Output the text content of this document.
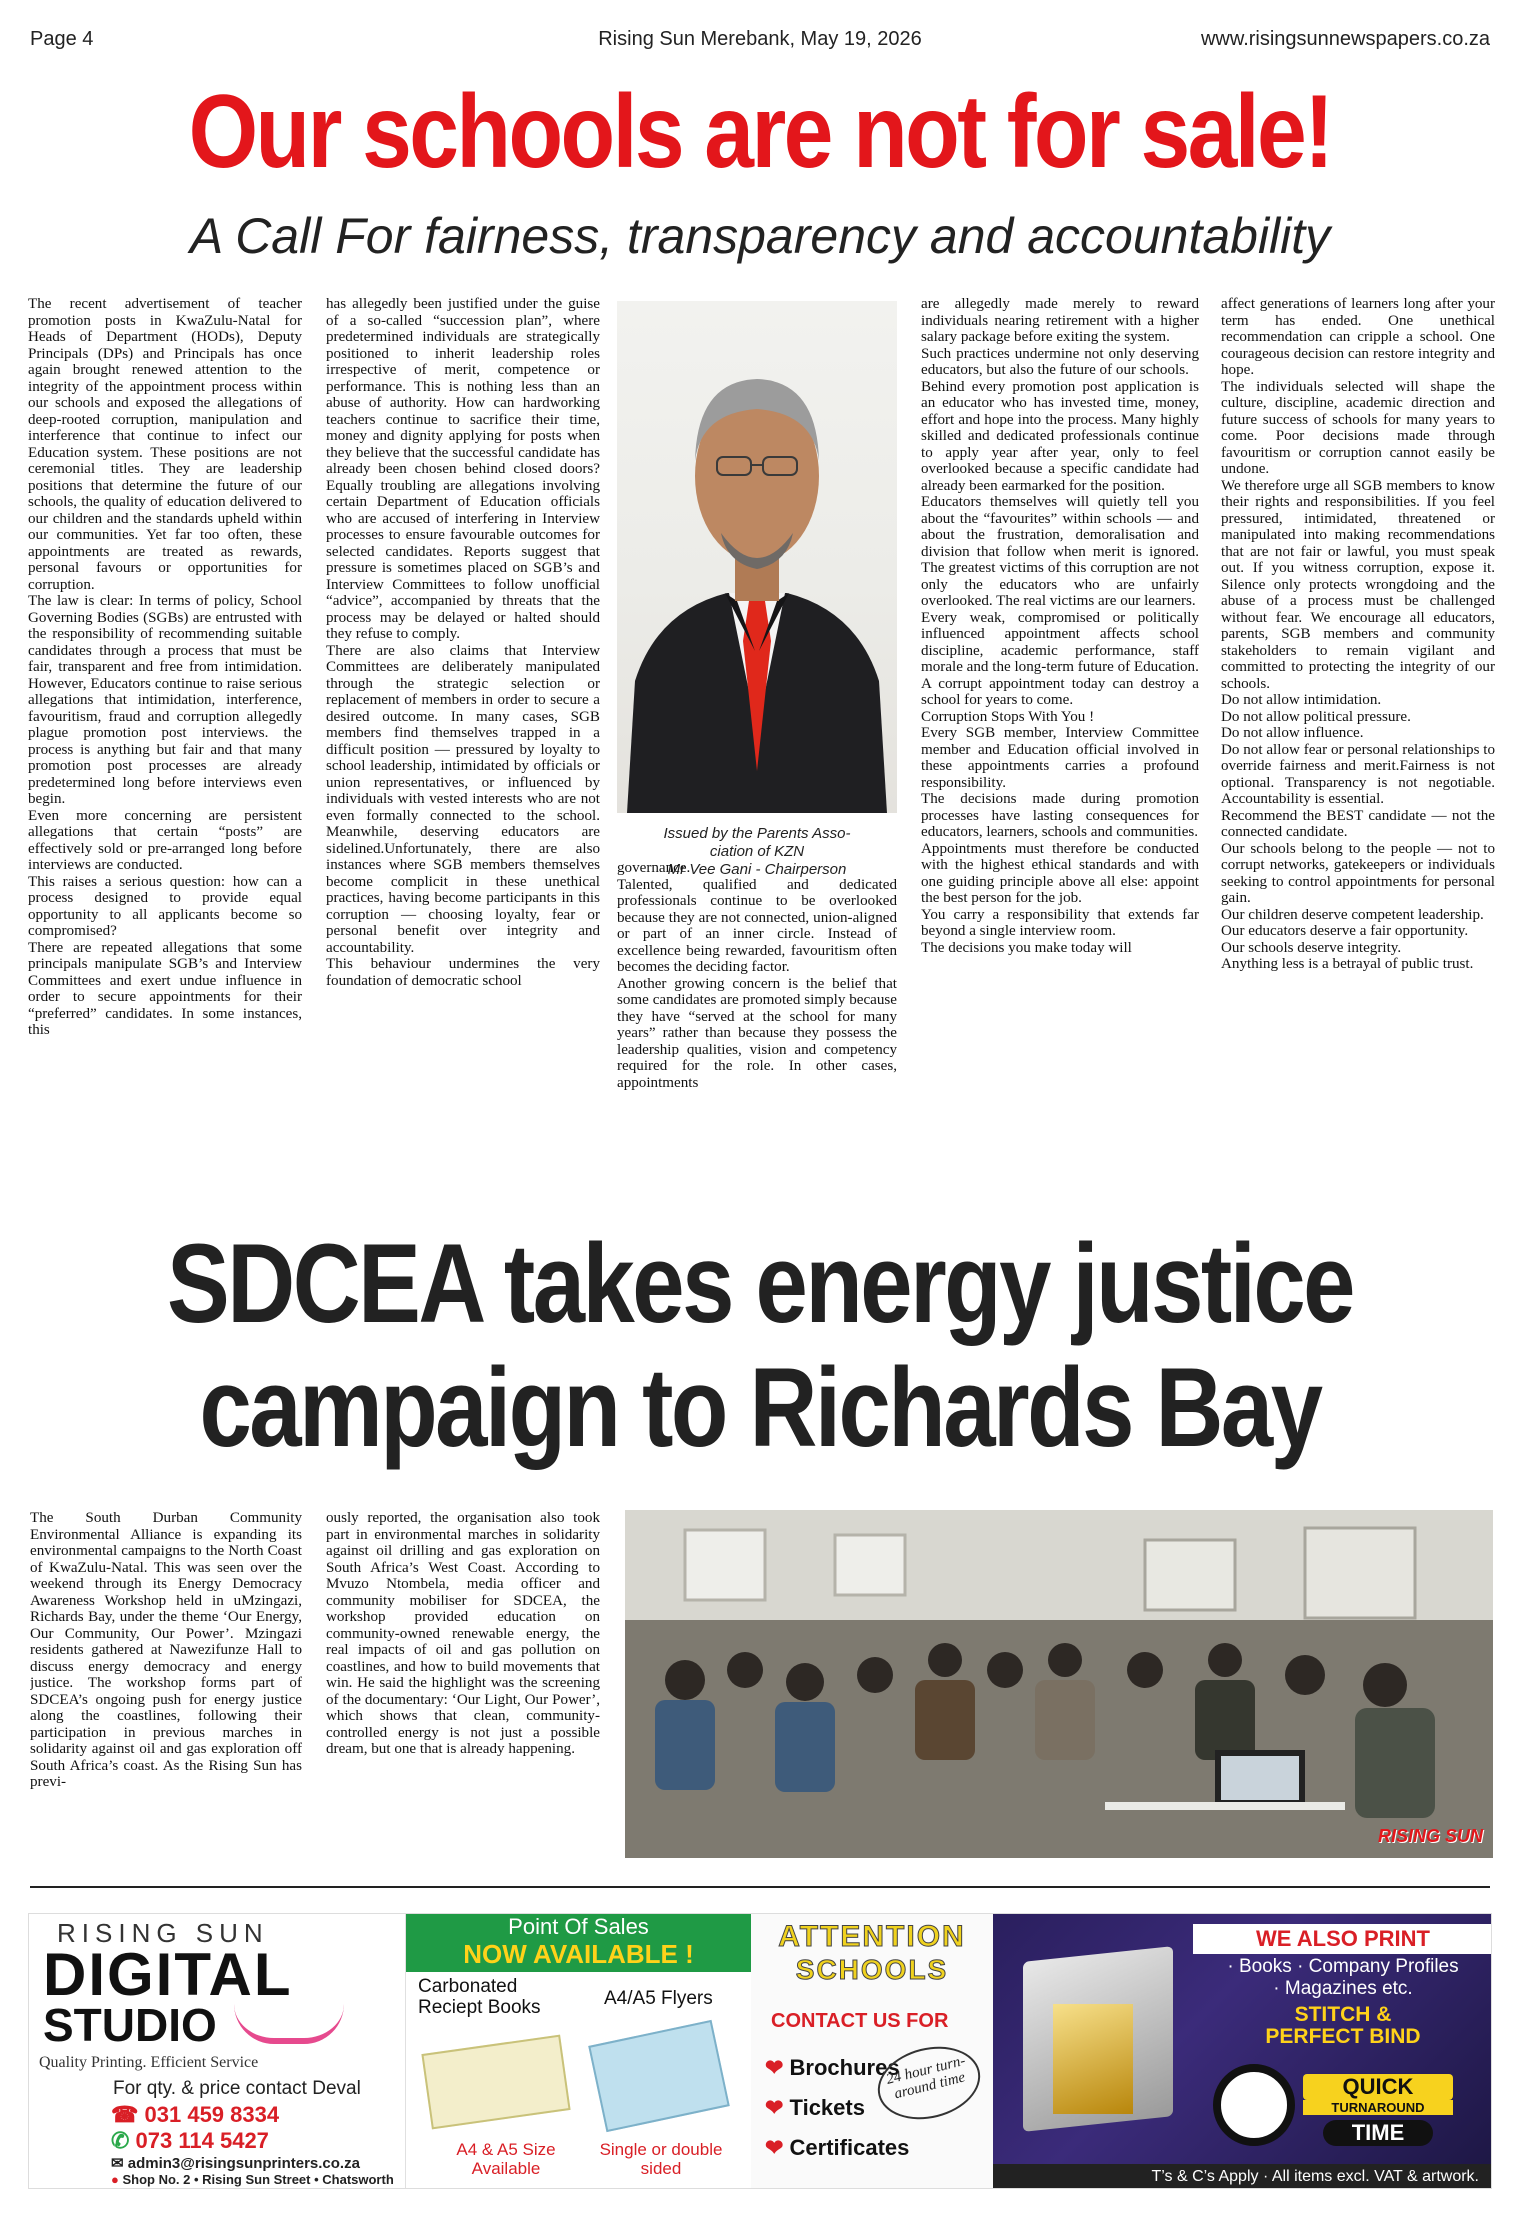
Page 4	Rising Sun Merebank, May 19, 2026	www.risingsunnewspapers.co.za
Our schools are not for sale!
A Call For fairness, transparency and accountability

The recent advertisement of teacher promotion posts in KwaZulu-Natal for Heads of Department (HODs), Deputy Principals (DPs) and Principals has once again brought renewed attention to the integrity of the appointment process within our schools and exposed the allegations of deep-rooted corruption, manipulation and interference that continue to infect our Education system. These positions are not ceremonial titles. They are leadership positions that determine the future of our schools, the quality of education delivered to our children and the standards upheld within our communities. Yet far too often, these appointments are treated as rewards, personal favours or opportunities for corruption.

The law is clear: In terms of policy, School Governing Bodies (SGBs) are entrusted with the responsibility of recommending suitable candidates through a process that must be fair, transparent and free from intimidation. However, Educators continue to raise serious allegations that intimidation, interference, favouritism, fraud and corruption allegedly plague promotion post interviews. the process is anything but fair and that many promotion post processes are already predetermined long before interviews even begin.

Even more concerning are persistent allegations that certain “posts” are effectively sold or pre-arranged long before interviews are conducted.

This raises a serious question: how can a process designed to provide equal opportunity to all applicants become so compromised?

There are repeated allegations that some principals manipulate SGB’s and Interview Committees and exert undue influence in order to secure appointments for their “preferred” candidates. In some instances, this

has allegedly been justified under the guise of a so-called “succession plan”, where predetermined individuals are strategically positioned to inherit leadership roles irrespective of merit, competence or performance. This is nothing less than an abuse of authority. How can hardworking teachers continue to sacrifice their time, money and dignity applying for posts when they believe that the successful candidate has already been chosen behind closed doors? Equally troubling are allegations involving certain Department of Education officials who are accused of interfering in Interview processes to ensure favourable outcomes for selected candidates. Reports suggest that pressure is sometimes placed on SGB’s and Interview Committees to follow unofficial “advice”, accompanied by threats that the process may be delayed or halted should they refuse to comply.

There are also claims that Interview Committees are deliberately manipulated through the strategic selection or replacement of members in order to secure a desired outcome. In many cases, SGB members find themselves trapped in a difficult position — pressured by loyalty to school leadership, intimidated by officials or union representatives, or influenced by individuals with vested interests who are not even formally connected to the school. Meanwhile, deserving educators are sidelined.Unfortunately, there are also instances where SGB members themselves become complicit in these unethical practices, having become participants in this corruption — choosing loyalty, fear or personal benefit over integrity and accountability.

This behaviour undermines the very foundation of democratic school

Issued by the Parents Asso-
ciation of KZN
Mr Vee Gani - Chairperson

governance.

Talented, qualified and dedicated professionals continue to be overlooked because they are not connected, union-aligned or part of an inner circle. Instead of excellence being rewarded, favouritism often becomes the deciding factor.

Another growing concern is the belief that some candidates are promoted simply because they have “served at the school for many years” rather than because they possess the leadership qualities, vision and competency required for the role. In other cases, appointments

are allegedly made merely to reward individuals nearing retirement with a higher salary package before exiting the system.

Such practices undermine not only deserving educators, but also the future of our schools.

Behind every promotion post application is an educator who has invested time, money, effort and hope into the process. Many highly skilled and dedicated professionals continue to apply year after year, only to feel overlooked because a specific candidate had already been earmarked for the position.

Educators themselves will quietly tell you about the “favourites” within schools — and about the frustration, demoralisation and division that follow when merit is ignored. The greatest victims of this corruption are not only the educators who are unfairly overlooked. The real victims are our learners.

Every weak, compromised or politically influenced appointment affects school discipline, academic performance, staff morale and the long-term future of Education.

A corrupt appointment today can destroy a school for years to come.

Corruption Stops With You !

Every SGB member, Interview Committee member and Education official involved in these appointments carries a profound responsibility.

The decisions made during promotion processes have lasting consequences for educators, learners, schools and communities.

Appointments must therefore be conducted with the highest ethical standards and with one guiding principle above all else: appoint the best person for the job.

You carry a responsibility that extends far beyond a single interview room.

The decisions you make today will

affect generations of learners long after your term has ended. One unethical recommendation can cripple a school. One courageous decision can restore integrity and hope.

The individuals selected will shape the culture, discipline, academic direction and future success of schools for many years to come. Poor decisions made through favouritism or corruption cannot easily be undone.

We therefore urge all SGB members to know their rights and responsibilities. If you feel pressured, intimidated, threatened or manipulated into making recommendations that are not fair or lawful, you must speak out. If you witness corruption, expose it. Silence only protects wrongdoing and the abuse of a process must be challenged without fear. We encourage all educators, parents, SGB members and community stakeholders to remain vigilant and committed to protecting the integrity of our schools.

Do not allow intimidation.

Do not allow political pressure.

Do not allow influence.

Do not allow fear or personal relationships to override fairness and merit.Fairness is not optional. Transparency is not negotiable. Accountability is essential.

Recommend the BEST candidate — not the connected candidate.

Our schools belong to the people — not to corrupt networks, gatekeepers or individuals seeking to control appointments for personal gain.

Our children deserve competent leadership.

Our educators deserve a fair opportunity.

Our schools deserve integrity.

Anything less is a betrayal of public trust.

SDCEA takes energy justice
campaign to Richards Bay

The South Durban Community Environmental Alliance is expanding its environmental campaigns to the North Coast of KwaZulu-Natal. This was seen over the weekend through its Energy Democracy Awareness Workshop held in uMzingazi, Richards Bay, under the theme ‘Our Energy, Our Community, Our Power’. Mzingazi residents gathered at Nawezifunze Hall to discuss energy democracy and energy justice. The workshop forms part of SDCEA’s ongoing push for energy justice along the coastlines, following their participation in previous marches in solidarity against oil and gas exploration off South Africa’s coast. As the Rising Sun has previ-

ously reported, the organisation also took part in environmental marches in solidarity against oil drilling and gas exploration on South Africa’s West Coast. According to Mvuzo Ntombela, media officer and community mobiliser for SDCEA, the workshop provided education on community-owned renewable energy, the real impacts of oil and gas pollution on coastlines, and how to build movements that win. He said the highlight was the screening of the documentary: ‘Our Light, Our Power’, which shows that clean, community-controlled energy is not just a possible dream, but one that is already happening.

RISING SUN
DIGITAL
STUDIO
Quality Printing. Efficient Service
For qty. & price contact Deval
☎ 031 459 8334
✆ 073 114 5427
✉ admin3@risingsunprinters.co.za
● Shop No. 2 • Rising Sun Street • Chatsworth
Point Of Sales
NOW AVAILABLE !
Carbonated Reciept Books	A4/A5 Flyers
A4 & A5 Size Available
Single or double sided
ATTENTION
SCHOOLS
CONTACT US FOR
❤ Brochures
❤ Tickets
❤ Certificates
24 hour turn-around time
WE ALSO PRINT
· Books · Company Profiles
· Magazines etc.
STITCH &
PERFECT BIND
QUICK
TURNAROUND
TIME
T’s & C’s Apply · All items excl. VAT & artwork.
RISING SUN
